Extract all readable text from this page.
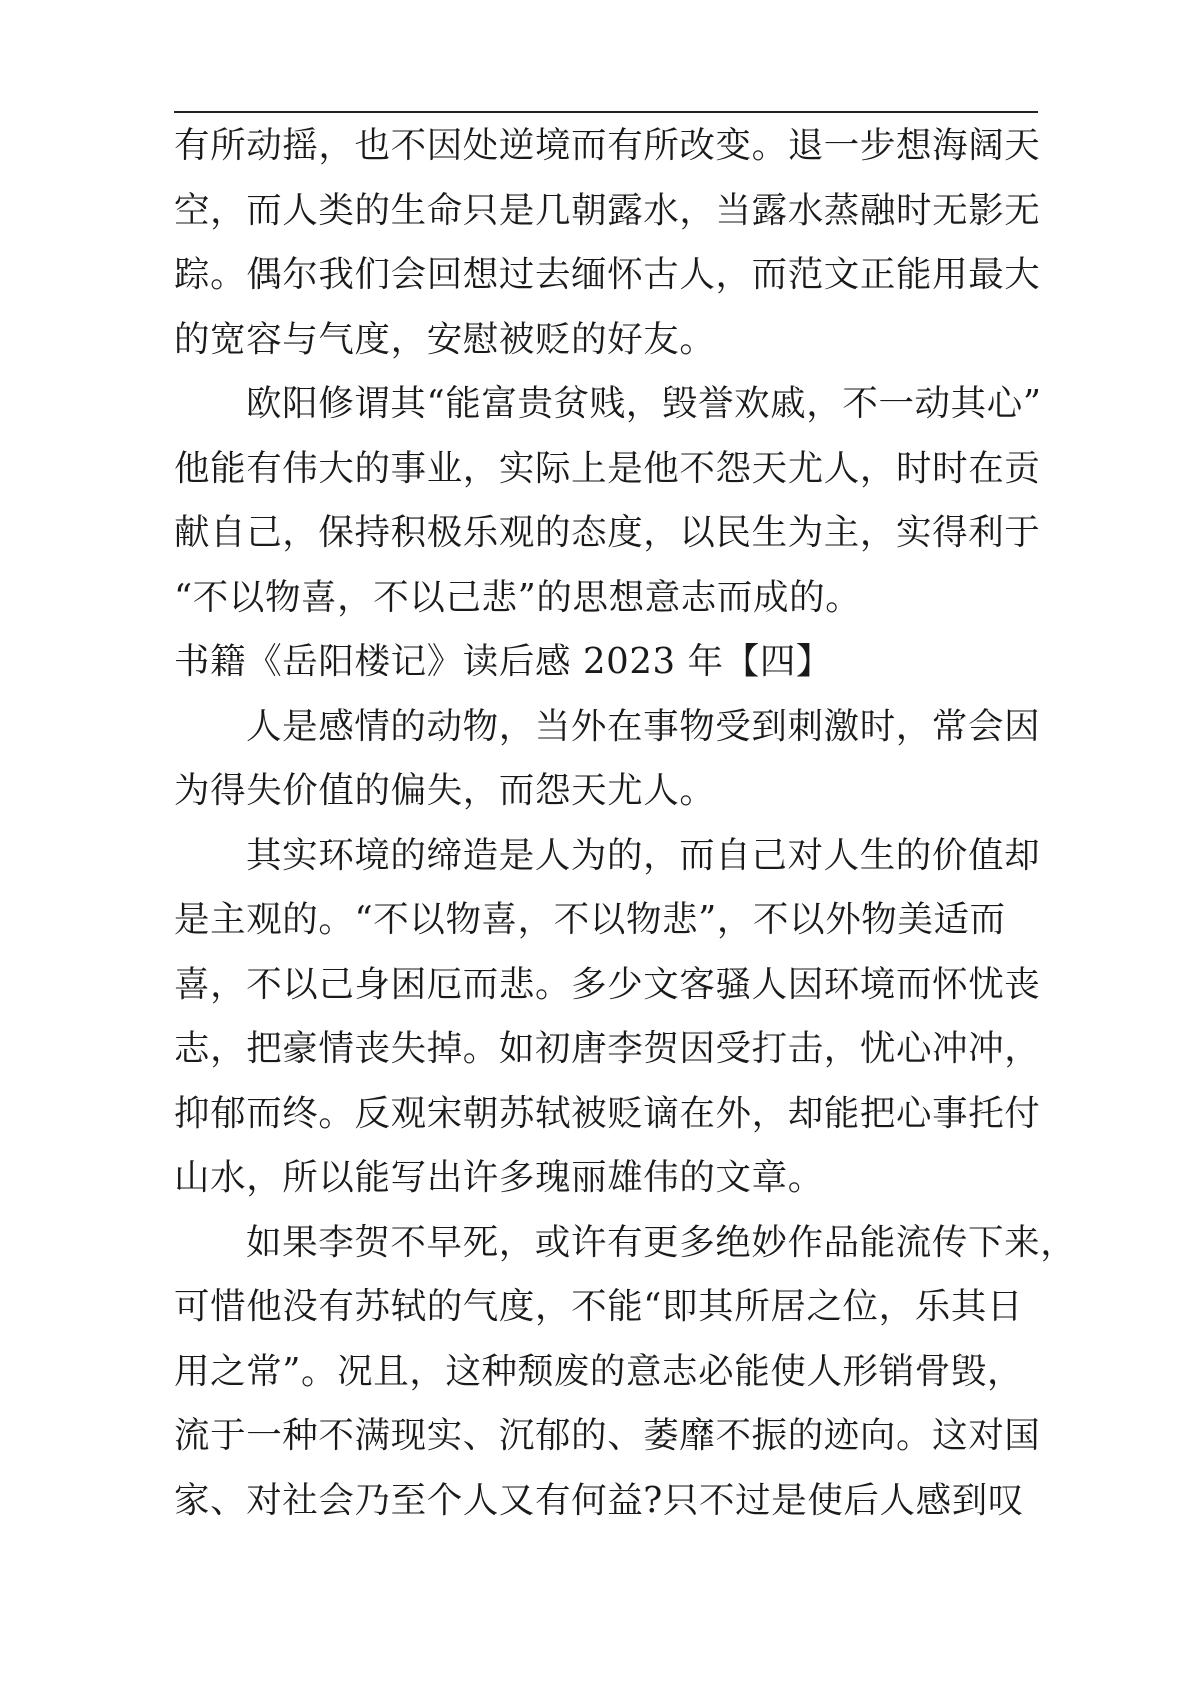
有所动摇，也不因处逆境而有所改变。退一步想海阔天
空，而人类的生命只是几朝露水，当露水蒸融时无影无
踪。偶尔我们会回想过去缅怀古人，而范文正能用最大
的宽容与气度，安慰被贬的好友。
欧阳修谓其“能富贵贫贱，毁誉欢戚，不一动其心”
他能有伟大的事业，实际上是他不怨天尤人，时时在贡
献自己，保持积极乐观的态度，以民生为主，实得利于
“不以物喜，不以己悲”的思想意志而成的。
书籍《岳阳楼记》读后感 2023 年【四】
人是感情的动物，当外在事物受到刺激时，常会因
为得失价值的偏失，而怨天尤人。
其实环境的缔造是人为的，而自己对人生的价值却
是主观的。“不以物喜，不以物悲”，不以外物美适而
喜，不以己身困厄而悲。多少文客骚人因环境而怀忧丧
志，把豪情丧失掉。如初唐李贺因受打击，忧心冲冲，
抑郁而终。反观宋朝苏轼被贬谪在外，却能把心事托付
山水，所以能写出许多瑰丽雄伟的文章。
如果李贺不早死，或许有更多绝妙作品能流传下来，
可惜他没有苏轼的气度，不能“即其所居之位，乐其日
用之常”。况且，这种颓废的意志必能使人形销骨毁，
流于一种不满现实、沉郁的、萎靡不振的迹向。这对国
家、对社会乃至个人又有何益?只不过是使后人感到叹
